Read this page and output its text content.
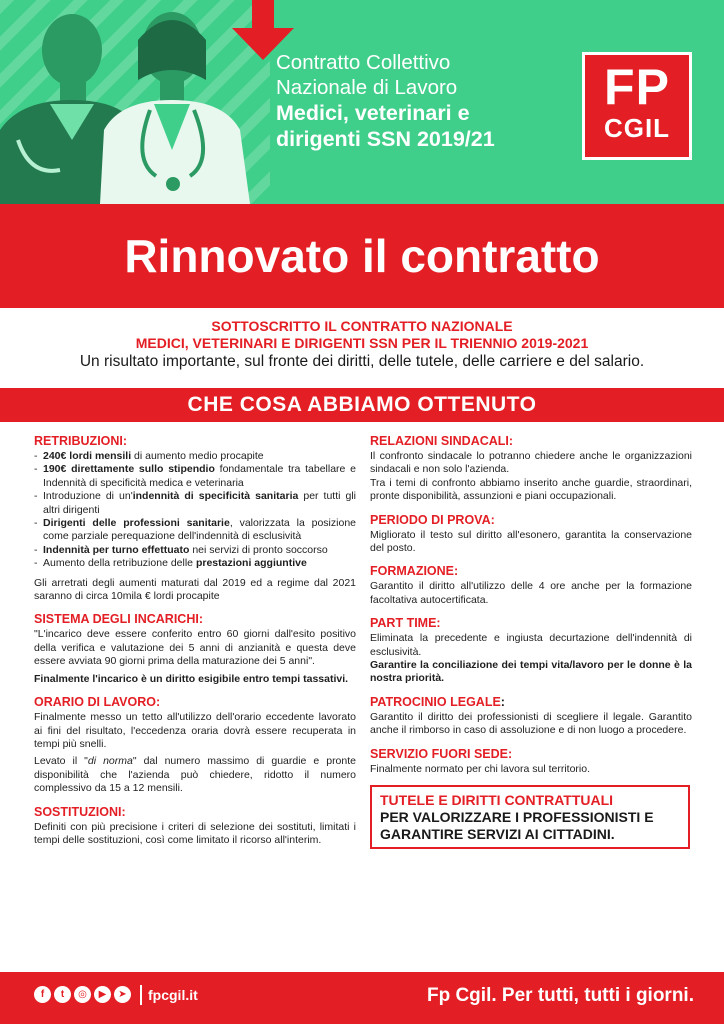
Contratto Collettivo
Nazionale di Lavoro
Medici, veterinari e
dirigenti SSN 2019/21
FP
CGIL
Rinnovato il contratto
SOTTOSCRITTO IL CONTRATTO NAZIONALE
MEDICI, VETERINARI E DIRIGENTI SSN PER IL TRIENNIO 2019-2021
Un risultato importante, sul fronte dei diritti, delle tutele, delle carriere e del salario.
CHE COSA ABBIAMO OTTENUTO
RETRIBUZIONI:
- 240€ lordi mensili di aumento medio procapite
- 190€ direttamente sullo stipendio fondamentale tra tabellare e Indennità di specificità medica e veterinaria
- Introduzione di un'indennità di specificità sanitaria per tutti gli altri dirigenti
- Dirigenti delle professioni sanitarie, valorizzata la posizione come parziale perequazione dell'indennità di esclusività
- Indennità per turno effettuato nei servizi di pronto soccorso
- Aumento della retribuzione delle prestazioni aggiuntive

Gli arretrati degli aumenti maturati dal 2019 ed a regime dal 2021 saranno di circa 10mila € lordi procapite

SISTEMA DEGLI INCARICHI:

"L'incarico deve essere conferito entro 60 giorni dall'esito positivo della verifica e valutazione dei 5 anni di anzianità e questa deve essere avviata 90 giorni prima della maturazione dei 5 anni".

Finalmente l'incarico è un diritto esigibile entro tempi tassativi.

ORARIO DI LAVORO:

Finalmente messo un tetto all'utilizzo dell'orario eccedente lavorato ai fini del risultato, l'eccedenza oraria dovrà essere recuperata in tempi più snelli.

Levato il "di norma" dal numero massimo di guardie e pronte disponibilità che l'azienda può chiedere, ridotto il numero complessivo da 15 a 12 mensili.

SOSTITUZIONI:

Definiti con più precisione i criteri di selezione dei sostituti, limitati i tempi delle sostituzioni, così come limitato il ricorso all'interim.

RELAZIONI SINDACALI:

Il confronto sindacale lo potranno chiedere anche le organizzazioni sindacali e non solo l'azienda.

Tra i temi di confronto abbiamo inserito anche guardie, straordinari, pronte disponibilità, assunzioni e piani occupazionali.

PERIODO DI PROVA:

Migliorato il testo sul diritto all'esonero, garantita la conservazione del posto.

FORMAZIONE:

Garantito il diritto all'utilizzo delle 4 ore anche per la formazione facoltativa autocertificata.

PART TIME:

Eliminata la precedente e ingiusta decurtazione dell'indennità di esclusività.

Garantire la conciliazione dei tempi vita/lavoro per le donne è la nostra priorità.

PATROCINIO LEGALE:

Garantito il diritto dei professionisti di scegliere il legale. Garantito anche il rimborso in caso di assoluzione e di non luogo a procedere.

SERVIZIO FUORI SEDE:

Finalmente normato per chi lavora sul territorio.

TUTELE E DIRITTI CONTRATTUALI
PER VALORIZZARE I PROFESSIONISTI E GARANTIRE SERVIZI AI CITTADINI.
f	t	◎	▶	➤	fpcgil.it	Fp Cgil. Per tutti, tutti i giorni.
